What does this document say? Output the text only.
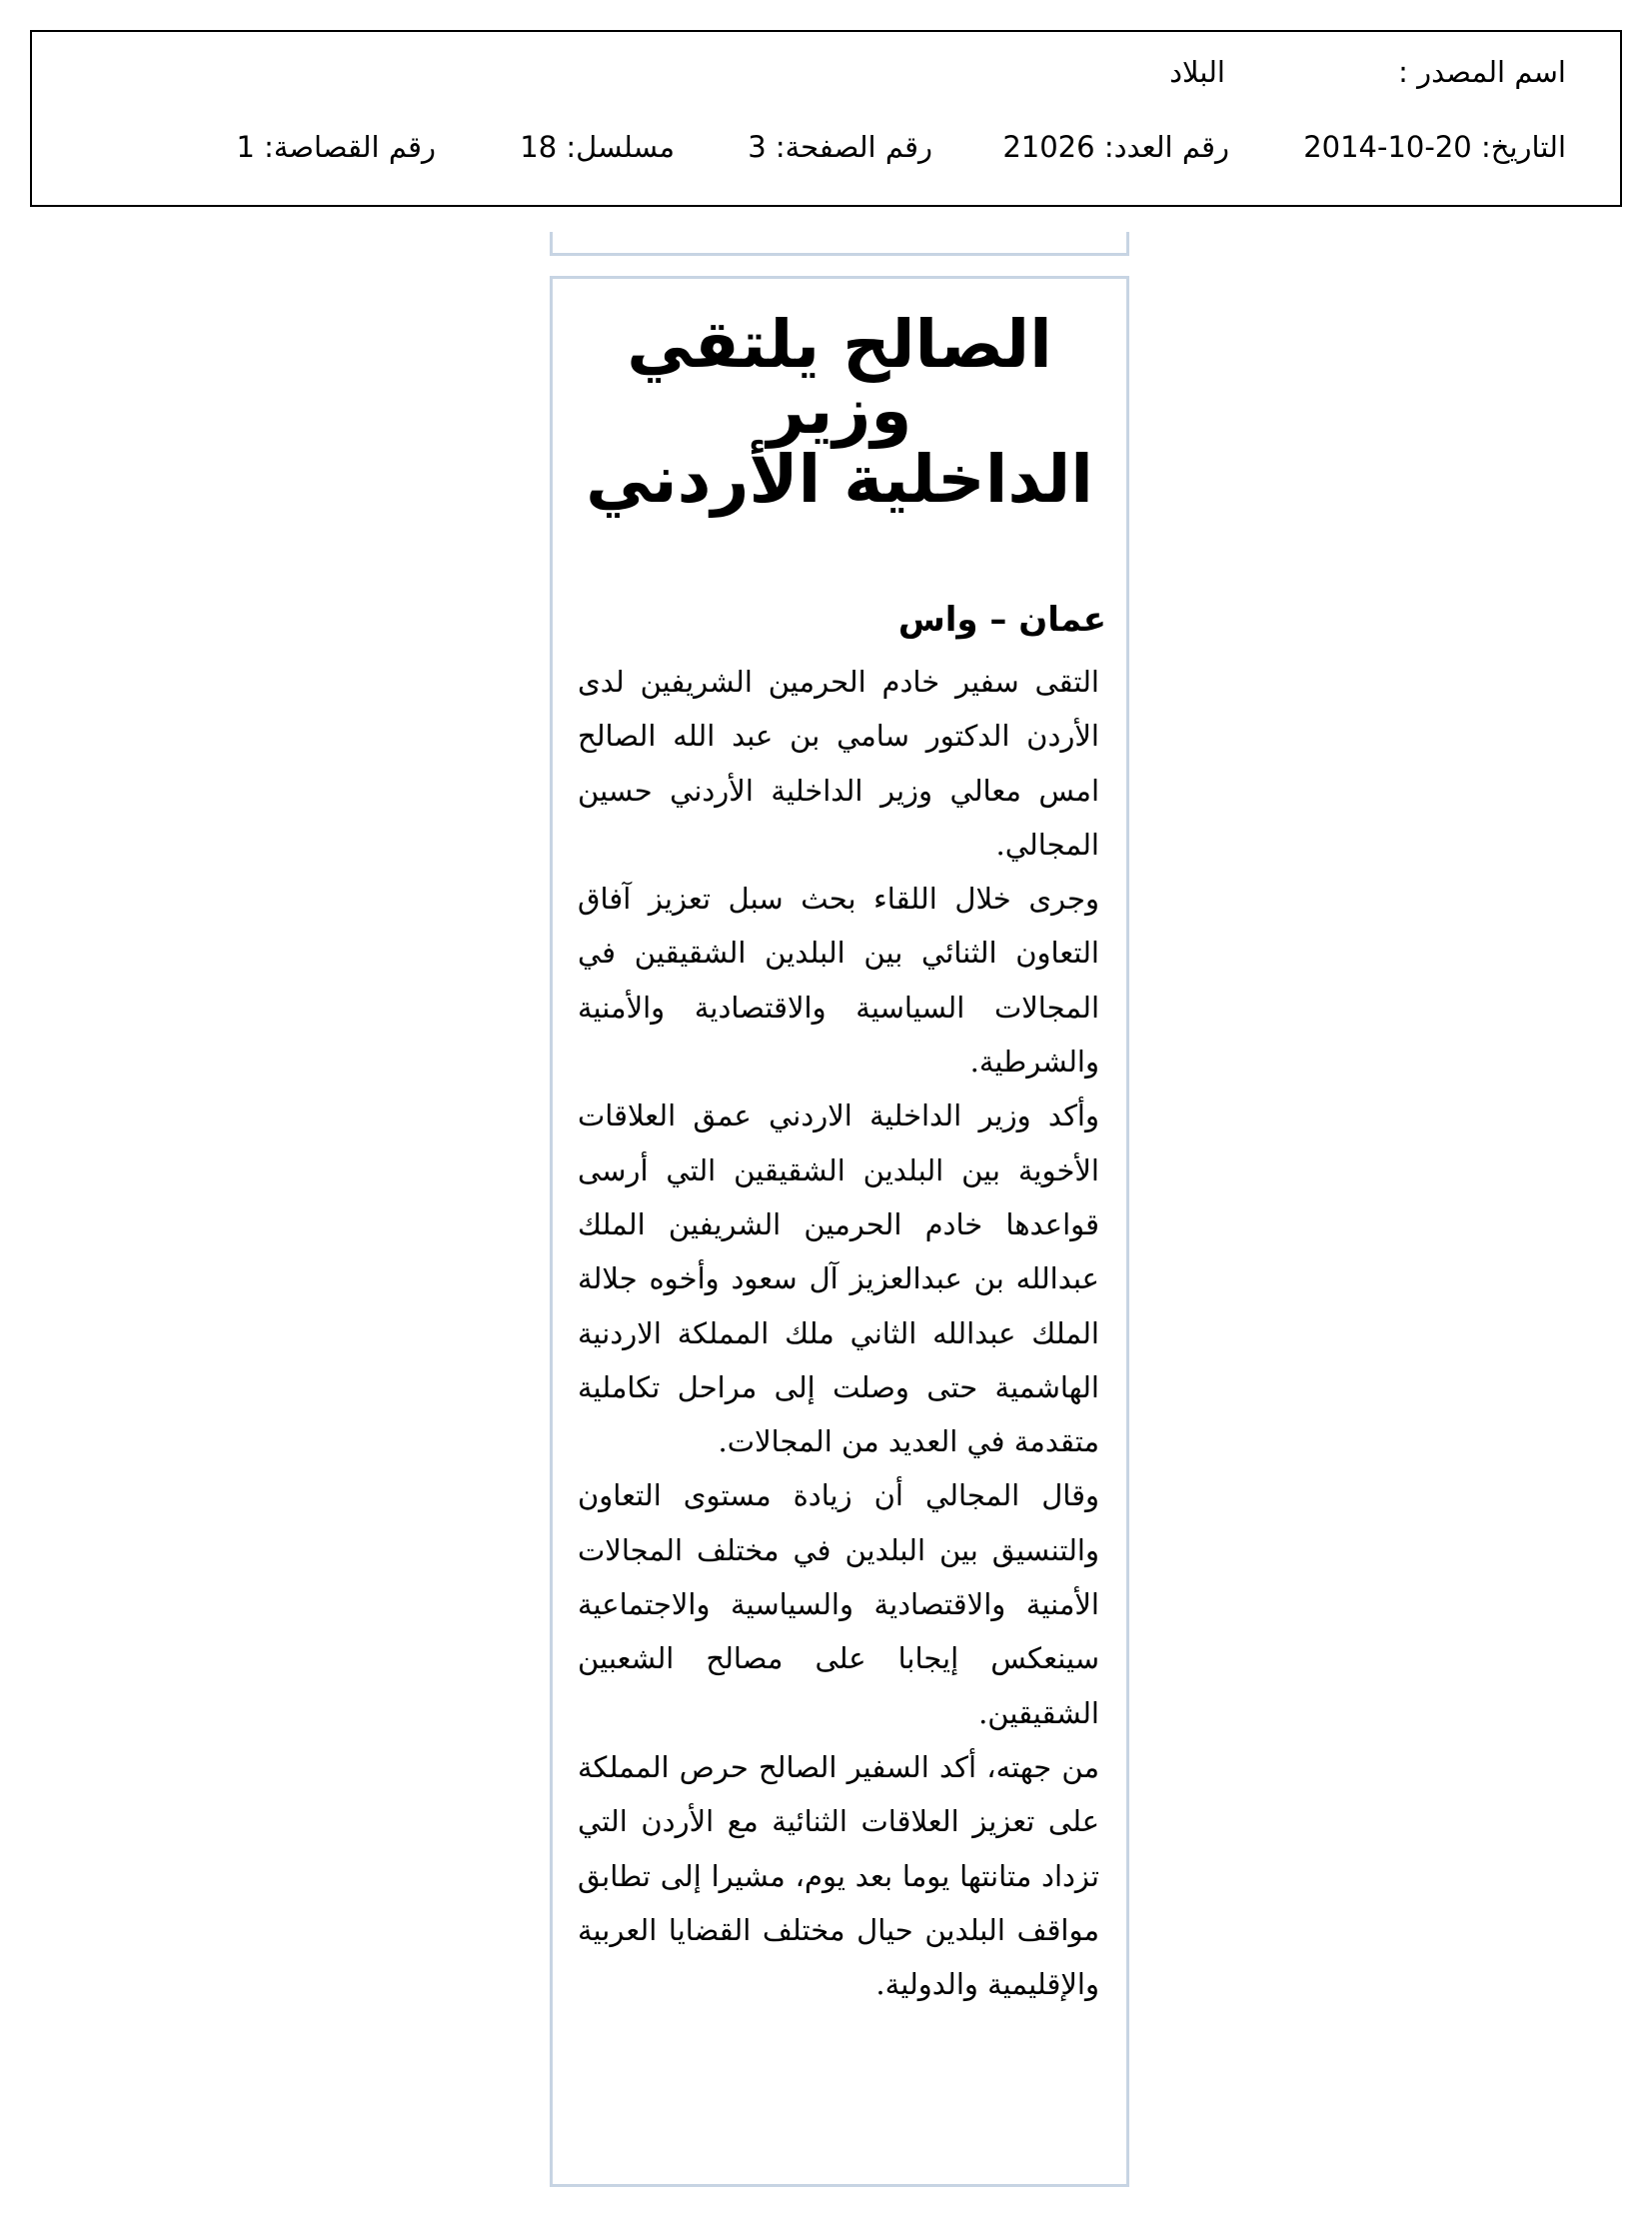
اسم المصدر :
البلاد
التاريخ: 2014-10-20
رقم العدد: 21026
رقم الصفحة: 3
مسلسل: 18
رقم القصاصة: 1
الصالح يلتقي وزير
الداخلية الأردني
عمان – واس

التقى سفير خادم الحرمين الشريفين لدى الأردن الدكتور سامي بن عبد الله الصالح امس معالي وزير الداخلية الأردني حسين المجالي.

وجرى خلال اللقاء بحث سبل تعزيز آفاق التعاون الثنائي بين البلدين الشقيقين في المجالات السياسية والاقتصادية والأمنية والشرطية.

وأكد وزير الداخلية الاردني عمق العلاقات الأخوية بين البلدين الشقيقين التي أرسى قواعدها خادم الحرمين الشريفين الملك عبدالله بن عبدالعزيز آل سعود وأخوه جلالة الملك عبدالله الثاني ملك المملكة الاردنية الهاشمية حتى وصلت إلى مراحل تكاملية متقدمة في العديد من المجالات.

وقال المجالي أن زيادة مستوى التعاون والتنسيق بين البلدين في مختلف المجالات الأمنية والاقتصادية والسياسية والاجتماعية سينعكس إيجابا على مصالح الشعبين الشقيقين.

من جهته، أكد السفير الصالح حرص المملكة على تعزيز العلاقات الثنائية مع الأردن التي تزداد متانتها يوما بعد يوم، مشيرا إلى تطابق مواقف البلدين حيال مختلف القضايا العربية والإقليمية والدولية.
